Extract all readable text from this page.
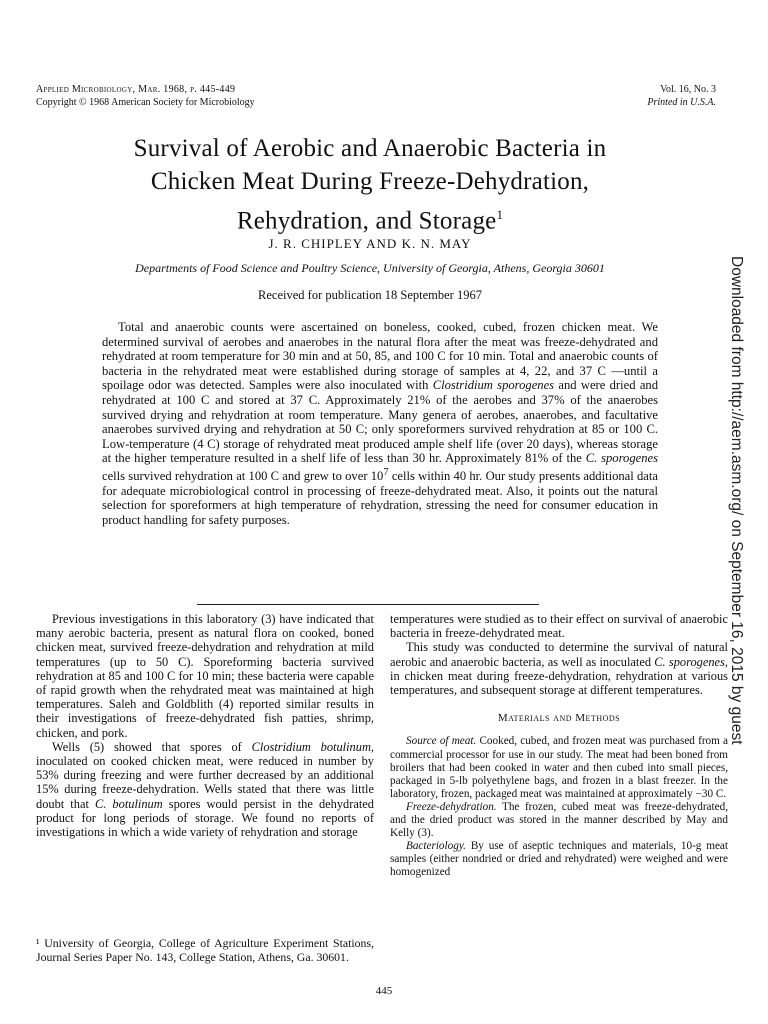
Applied Microbiology, Mar. 1968, p. 445-449
Copyright © 1968 American Society for Microbiology
Vol. 16, No. 3
Printed in U.S.A.
Survival of Aerobic and Anaerobic Bacteria in
Chicken Meat During Freeze-Dehydration,
Rehydration, and Storage$^1$
J. R. CHIPLEY AND K. N. MAY
Departments of Food Science and Poultry Science, University of Georgia, Athens, Georgia 30601
Received for publication 18 September 1967

Total and anaerobic counts were ascertained on boneless, cooked, cubed, frozen chicken meat. We determined survival of aerobes and anaerobes in the natural flora after the meat was freeze-dehydrated and rehydrated at room temperature for 30 min and at 50, 85, and 100 C for 10 min. Total and anaerobic counts of bacteria in the rehydrated meat were established during storage of samples at 4, 22, and 37 C —until a spoilage odor was detected. Samples were also inoculated with Clostridium sporogenes and were dried and rehydrated at 100 C and stored at 37 C. Approximately 21% of the aerobes and 37% of the anaerobes survived drying and rehydration at room temperature. Many genera of aerobes, anaerobes, and facultative anaerobes survived drying and rehydration at 50 C; only sporeformers survived rehydration at 85 or 100 C. Low-temperature (4 C) storage of rehydrated meat produced ample shelf life (over 20 days), whereas storage at the higher temperature resulted in a shelf life of less than 30 hr. Approximately 81% of the C. sporogenes cells survived rehydration at 100 C and grew to over $10^7$ cells within 40 hr. Our study presents additional data for adequate microbiological control in processing of freeze-dehydrated meat. Also, it points out the natural selection for sporeformers at high temperature of rehydration, stressing the need for consumer education in product handling for safety purposes.

Previous investigations in this laboratory (3) have indicated that many aerobic bacteria, present as natural flora on cooked, boned chicken meat, survived freeze-dehydration and rehydration at mild temperatures (up to 50 C). Sporeforming bacteria survived rehydration at 85 and 100 C for 10 min; these bacteria were capable of rapid growth when the rehydrated meat was maintained at high temperatures. Saleh and Goldblith (4) reported similar results in their investigations of freeze-dehydrated fish patties, shrimp, chicken, and pork.

Wells (5) showed that spores of Clostridium botulinum, inoculated on cooked chicken meat, were reduced in number by 53% during freezing and were further decreased by an additional 15% during freeze-dehydration. Wells stated that there was little doubt that C. botulinum spores would persist in the dehydrated product for long periods of storage. We found no reports of investigations in which a wide variety of rehydration and storage

¹ University of Georgia, College of Agriculture Experiment Stations, Journal Series Paper No. 143, College Station, Athens, Ga. 30601.

temperatures were studied as to their effect on survival of anaerobic bacteria in freeze-dehydrated meat.

This study was conducted to determine the survival of natural aerobic and anaerobic bacteria, as well as inoculated C. sporogenes, in chicken meat during freeze-dehydration, rehydration at various temperatures, and subsequent storage at different temperatures.

Materials and Methods

Source of meat. Cooked, cubed, and frozen meat was purchased from a commercial processor for use in our study. The meat had been boned from broilers that had been cooked in water and then cubed into small pieces, packaged in 5-lb polyethylene bags, and frozen in a blast freezer. In the laboratory, frozen, packaged meat was maintained at approximately −30 C.

Freeze-dehydration. The frozen, cubed meat was freeze-dehydrated, and the dried product was stored in the manner described by May and Kelly (3).

Bacteriology. By use of aseptic techniques and materials, 10-g meat samples (either nondried or dried and rehydrated) were weighed and were homogenized

445
Downloaded from http://aem.asm.org/ on September 16, 2015 by guest
